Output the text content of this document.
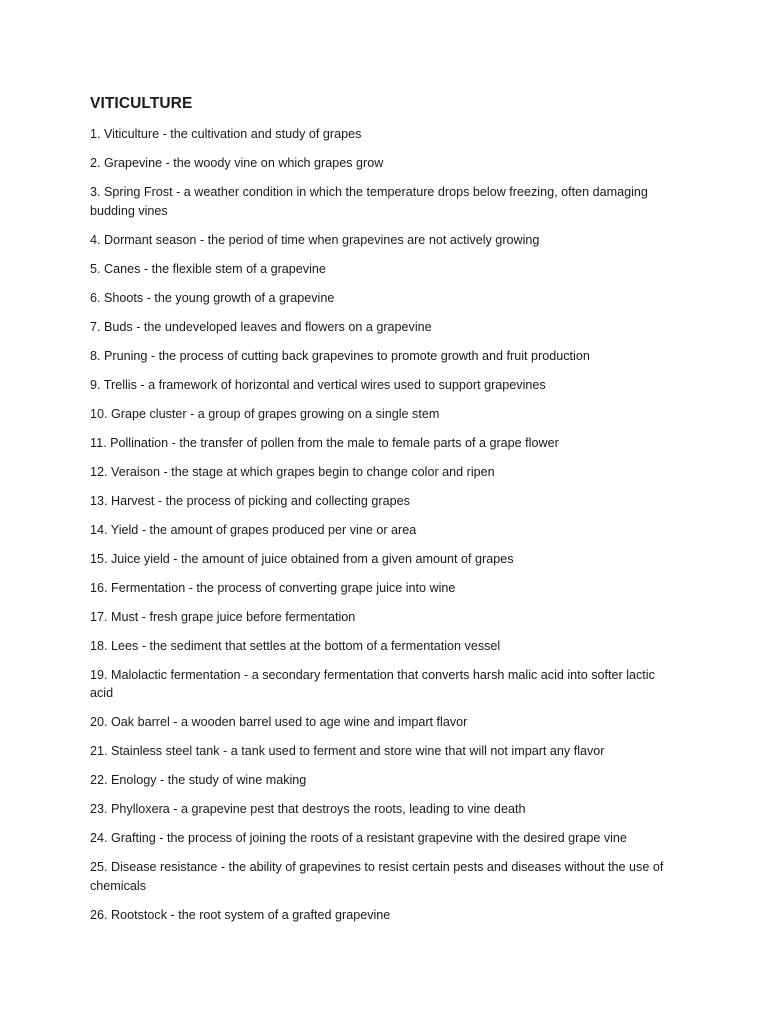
VITICULTURE
1. Viticulture - the cultivation and study of grapes
2. Grapevine - the woody vine on which grapes grow
3. Spring Frost - a weather condition in which the temperature drops below freezing, often damaging budding vines
4. Dormant season - the period of time when grapevines are not actively growing
5. Canes - the flexible stem of a grapevine
6. Shoots - the young growth of a grapevine
7. Buds - the undeveloped leaves and flowers on a grapevine
8. Pruning - the process of cutting back grapevines to promote growth and fruit production
9. Trellis - a framework of horizontal and vertical wires used to support grapevines
10. Grape cluster - a group of grapes growing on a single stem
11. Pollination - the transfer of pollen from the male to female parts of a grape flower
12. Veraison - the stage at which grapes begin to change color and ripen
13. Harvest - the process of picking and collecting grapes
14. Yield - the amount of grapes produced per vine or area
15. Juice yield - the amount of juice obtained from a given amount of grapes
16. Fermentation - the process of converting grape juice into wine
17. Must - fresh grape juice before fermentation
18. Lees - the sediment that settles at the bottom of a fermentation vessel
19. Malolactic fermentation - a secondary fermentation that converts harsh malic acid into softer lactic acid
20. Oak barrel - a wooden barrel used to age wine and impart flavor
21. Stainless steel tank - a tank used to ferment and store wine that will not impart any flavor
22. Enology - the study of wine making
23. Phylloxera - a grapevine pest that destroys the roots, leading to vine death
24. Grafting - the process of joining the roots of a resistant grapevine with the desired grape vine
25. Disease resistance - the ability of grapevines to resist certain pests and diseases without the use of chemicals
26. Rootstock - the root system of a grafted grapevine
